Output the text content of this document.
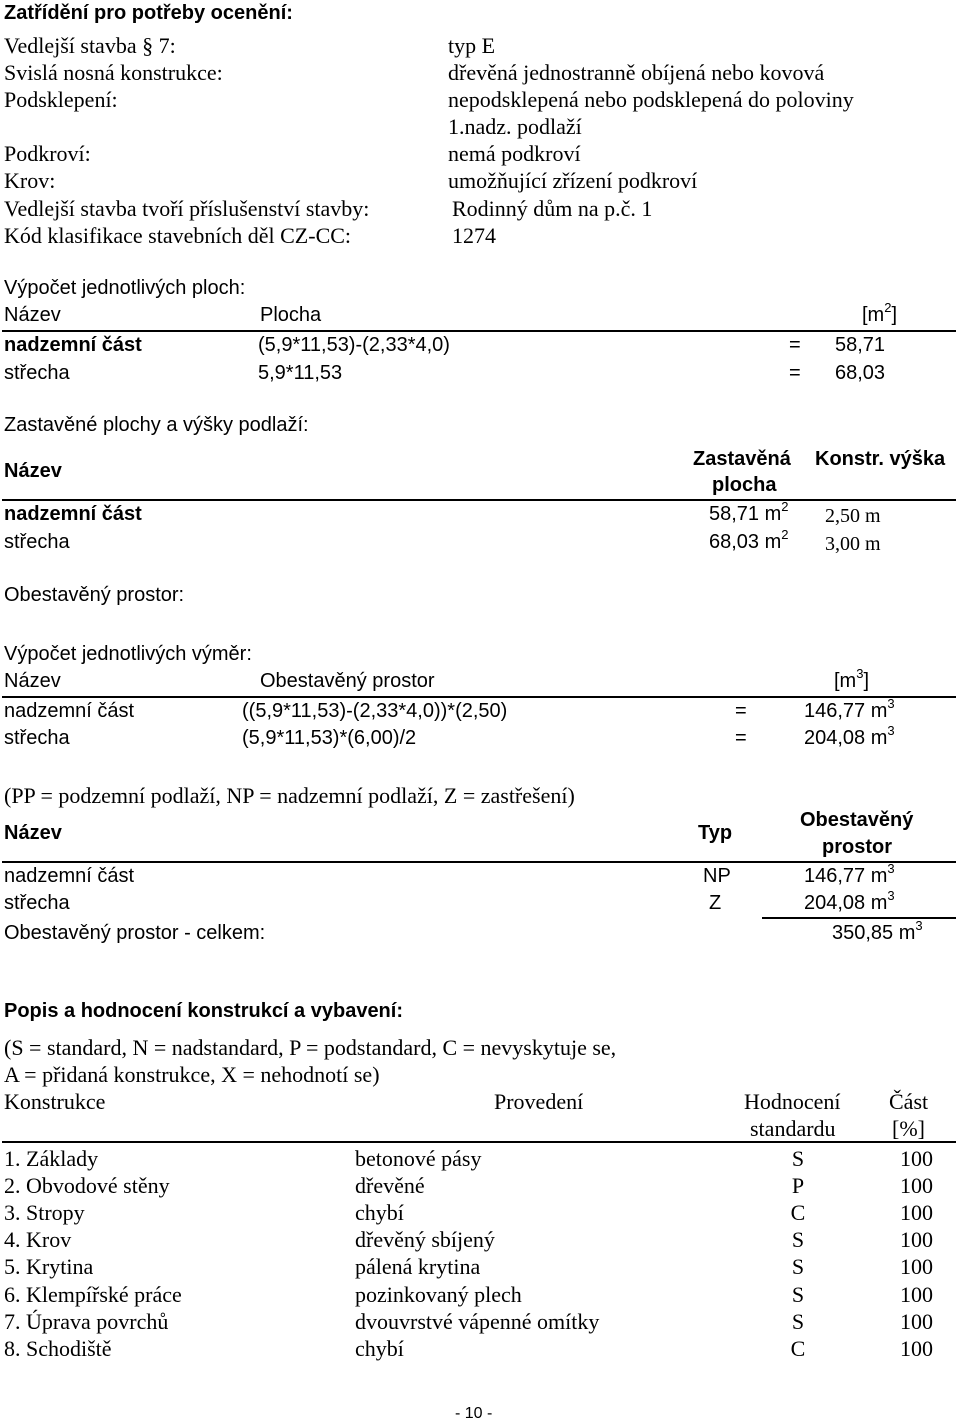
Zatřídění pro potřeby ocenění:
Vedlejší stavba § 7:	typ E
Svislá nosná konstrukce:	dřevěná jednostranně obíjená nebo kovová
Podsklepení:	nepodsklepená nebo podsklepená do poloviny
1.nadz. podlaží
Podkroví:	nemá podkroví
Krov:	umožňující zřízení podkroví
Vedlejší stavba tvoří příslušenství stavby:	Rodinný dům na p.č. 1
Kód klasifikace stavebních děl CZ-CC:	1274
Výpočet jednotlivých ploch:
Název	Plocha	$[m^2]$
nadzemní část	(5,9*11,53)-(2,33*4,0)	= 58,71
střecha	5,9*11,53	= 68,03
Zastavěné plochy a výšky podlaží:
Název
Zastavěná
plocha
Konstr. výška
nadzemní část	58,71 $m^2$ 2,50 m
střecha	68,03 $m^2$ 3,00 m
Obestavěný prostor:
Výpočet jednotlivých výměr:
Název	Obestavěný prostor	$[m^3]$
nadzemní část	((5,9*11,53)-(2,33*4,0))*(2,50)	=	146,77 $m^3$
střecha	(5,9*11,53)*(6,00)/2	=	204,08 $m^3$
(PP = podzemní podlaží, NP = nadzemní podlaží, Z = zastřešení)
Název	Typ
Obestavěný
prostor
nadzemní část	NP	146,77 $m^3$
střecha	Z	204,08 $m^3$
Obestavěný prostor - celkem:	350,85 $m^3$
Popis a hodnocení konstrukcí a vybavení:
(S = standard, N = nadstandard, P = podstandard, C = nevyskytuje se,
A = přidaná konstrukce, X = nehodnotí se)
Konstrukce	Provedení	Hodnocení
standardu
Část
[%]
1. Základy	betonové pásy	S	100
2. Obvodové stěny	dřevěné	P	100
3. Stropy	chybí	C	100
4. Krov	dřevěný sbíjený	S	100
5. Krytina	pálená krytina	S	100
6. Klempířské práce	pozinkovaný plech	S	100
7. Úprava povrchů	dvouvrstvé vápenné omítky	S	100
8. Schodiště	chybí	C	100
- 10 -
